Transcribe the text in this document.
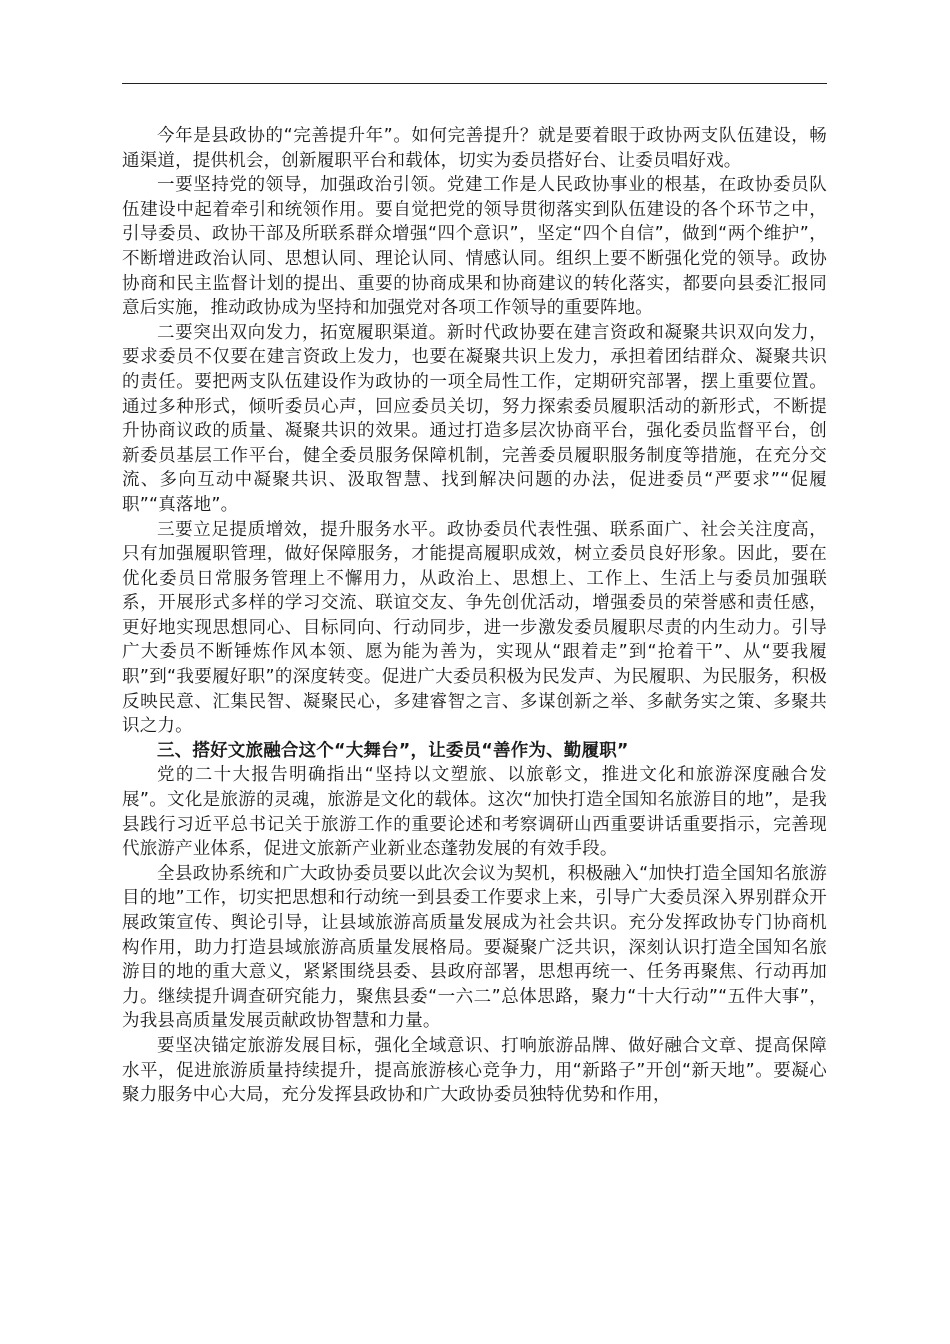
今年是县政协的“完善提升年”。如何完善提升？就是要着眼于政协两支队伍建设，畅通渠道，提供机会，创新履职平台和载体，切实为委员搭好台、让委员唱好戏。

一要坚持党的领导，加强政治引领。党建工作是人民政协事业的根基，在政协委员队伍建设中起着牵引和统领作用。要自觉把党的领导贯彻落实到队伍建设的各个环节之中，引导委员、政协干部及所联系群众增强“四个意识”，坚定“四个自信”，做到“两个维护”，不断增进政治认同、思想认同、理论认同、情感认同。组织上要不断强化党的领导。政协协商和民主监督计划的提出、重要的协商成果和协商建议的转化落实，都要向县委汇报同意后实施，推动政协成为坚持和加强党对各项工作领导的重要阵地。

二要突出双向发力，拓宽履职渠道。新时代政协要在建言资政和凝聚共识双向发力，要求委员不仅要在建言资政上发力，也要在凝聚共识上发力，承担着团结群众、凝聚共识的责任。要把两支队伍建设作为政协的一项全局性工作，定期研究部署，摆上重要位置。通过多种形式，倾听委员心声，回应委员关切，努力探索委员履职活动的新形式，不断提升协商议政的质量、凝聚共识的效果。通过打造多层次协商平台，强化委员监督平台，创新委员基层工作平台，健全委员服务保障机制，完善委员履职服务制度等措施，在充分交流、多向互动中凝聚共识、汲取智慧、找到解决问题的办法，促进委员“严要求”“促履职”“真落地”。

三要立足提质增效，提升服务水平。政协委员代表性强、联系面广、社会关注度高，只有加强履职管理，做好保障服务，才能提高履职成效，树立委员良好形象。因此，要在优化委员日常服务管理上不懈用力，从政治上、思想上、工作上、生活上与委员加强联系，开展形式多样的学习交流、联谊交友、争先创优活动，增强委员的荣誉感和责任感，更好地实现思想同心、目标同向、行动同步，进一步激发委员履职尽责的内生动力。引导广大委员不断锤炼作风本领、愿为能为善为，实现从“跟着走”到“抢着干”、从“要我履职”到“我要履好职”的深度转变。促进广大委员积极为民发声、为民履职、为民服务，积极反映民意、汇集民智、凝聚民心，多建睿智之言、多谋创新之举、多献务实之策、多聚共识之力。

三、搭好文旅融合这个“大舞台”，让委员“善作为、勤履职”

党的二十大报告明确指出“坚持以文塑旅、以旅彰文，推进文化和旅游深度融合发展”。文化是旅游的灵魂，旅游是文化的载体。这次“加快打造全国知名旅游目的地”，是我县践行习近平总书记关于旅游工作的重要论述和考察调研山西重要讲话重要指示，完善现代旅游产业体系，促进文旅新产业新业态蓬勃发展的有效手段。

全县政协系统和广大政协委员要以此次会议为契机，积极融入“加快打造全国知名旅游目的地”工作，切实把思想和行动统一到县委工作要求上来，引导广大委员深入界别群众开展政策宣传、舆论引导，让县域旅游高质量发展成为社会共识。充分发挥政协专门协商机构作用，助力打造县域旅游高质量发展格局。要凝聚广泛共识，深刻认识打造全国知名旅游目的地的重大意义，紧紧围绕县委、县政府部署，思想再统一、任务再聚焦、行动再加力。继续提升调查研究能力，聚焦县委“一六二”总体思路，聚力“十大行动”“五件大事”，为我县高质量发展贡献政协智慧和力量。

要坚决锚定旅游发展目标，强化全域意识、打响旅游品牌、做好融合文章、提高保障水平，促进旅游质量持续提升，提高旅游核心竞争力，用“新路子”开创“新天地”。要凝心聚力服务中心大局，充分发挥县政协和广大政协委员独特优势和作用，
